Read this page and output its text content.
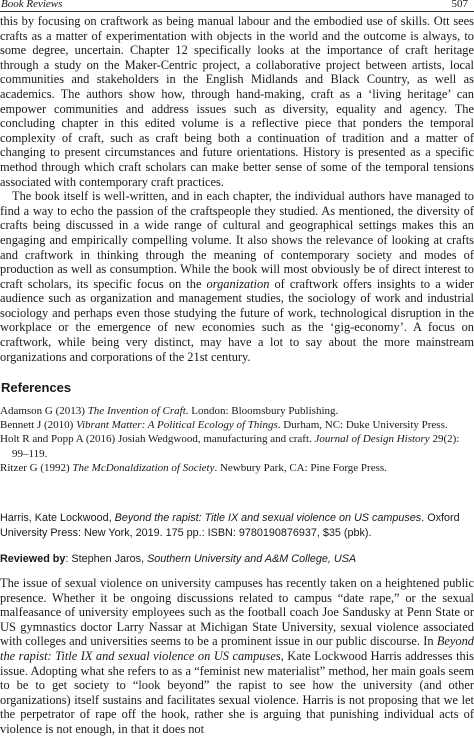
Book Reviews	507

this by focusing on craftwork as being manual labour and the embodied use of skills. Ott sees crafts as a matter of experimentation with objects in the world and the outcome is always, to some degree, uncertain. Chapter 12 specifically looks at the importance of craft heritage through a study on the Maker-Centric project, a collaborative project between artists, local communities and stakeholders in the English Midlands and Black Country, as well as academics. The authors show how, through hand-making, craft as a ‘living heritage’ can empower communities and address issues such as diversity, equality and agency. The concluding chapter in this edited volume is a reflective piece that ponders the temporal complexity of craft, such as craft being both a continuation of tradition and a matter of changing to present circumstances and future orientations. History is presented as a specific method through which craft scholars can make better sense of some of the temporal tensions associated with contemporary craft practices.

The book itself is well-written, and in each chapter, the individual authors have managed to find a way to echo the passion of the craftspeople they studied. As mentioned, the diversity of crafts being discussed in a wide range of cultural and geographical settings makes this an engaging and empirically compelling volume. It also shows the relevance of looking at crafts and craftwork in thinking through the meaning of contemporary society and modes of production as well as consumption. While the book will most obviously be of direct interest to craft scholars, its specific focus on the organization of craftwork offers insights to a wider audience such as organization and management studies, the sociology of work and industrial sociology and perhaps even those studying the future of work, technological disruption in the workplace or the emergence of new economies such as the ‘gig-economy’. A focus on craftwork, while being very distinct, may have a lot to say about the more mainstream organizations and corporations of the 21st century.

References

Adamson G (2013) The Invention of Craft. London: Bloomsbury Publishing.

Bennett J (2010) Vibrant Matter: A Political Ecology of Things. Durham, NC: Duke University Press.

Holt R and Popp A (2016) Josiah Wedgwood, manufacturing and craft. Journal of Design History 29(2): 99–119.

Ritzer G (1992) The McDonaldization of Society. Newbury Park, CA: Pine Forge Press.

Harris, Kate Lockwood, Beyond the rapist: Title IX and sexual violence on US campuses. Oxford University Press: New York, 2019. 175 pp.: ISBN: 9780190876937, $35 (pbk).
Reviewed by: Stephen Jaros, Southern University and A&M College, USA

The issue of sexual violence on university campuses has recently taken on a heightened public presence. Whether it be ongoing discussions related to campus “date rape,” or the sexual malfeasance of university employees such as the football coach Joe Sandusky at Penn State or US gymnastics doctor Larry Nassar at Michigan State University, sexual violence associated with colleges and universities seems to be a prominent issue in our public discourse. In Beyond the rapist: Title IX and sexual violence on US campuses, Kate Lockwood Harris addresses this issue. Adopting what she refers to as a “feminist new materialist” method, her main goals seem to be to get society to “look beyond” the rapist to see how the university (and other organizations) itself sustains and facilitates sexual violence. Harris is not proposing that we let the perpetrator of rape off the hook, rather she is arguing that punishing individual acts of violence is not enough, in that it does not
